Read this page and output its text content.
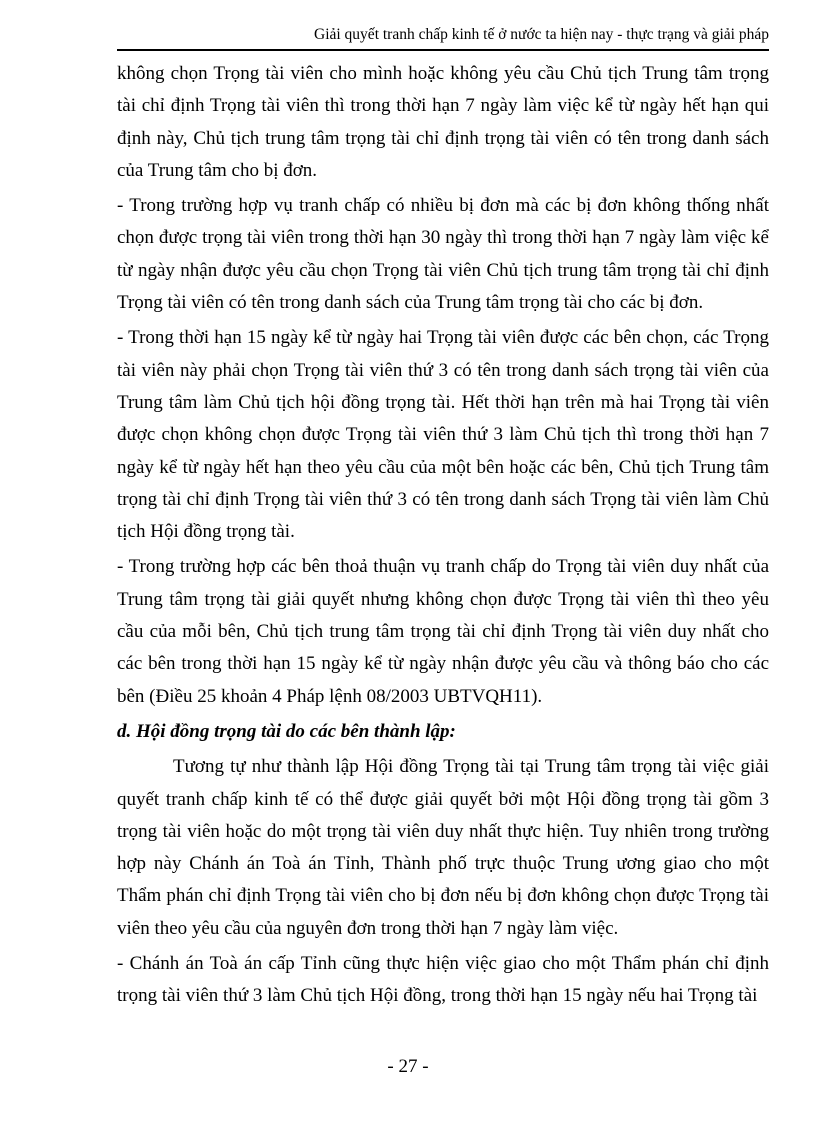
Giải quyết tranh chấp kinh tế ở nước ta hiện nay - thực trạng và giải pháp

không chọn Trọng tài viên cho mình hoặc không yêu cầu Chủ tịch Trung tâm trọng tài chỉ định Trọng tài viên thì trong thời hạn 7 ngày làm việc kể từ ngày hết hạn qui định này, Chủ tịch trung tâm trọng tài chỉ định trọng tài viên có tên trong danh sách của Trung tâm cho bị đơn.

- Trong trường hợp vụ tranh chấp có nhiều bị đơn mà các bị đơn không thống nhất chọn được trọng tài viên trong thời hạn 30 ngày thì trong thời hạn 7 ngày làm việc kể từ ngày nhận được yêu cầu chọn Trọng tài viên Chủ tịch trung tâm trọng tài chỉ định Trọng tài viên có tên trong danh sách của Trung tâm trọng tài cho các bị đơn.

- Trong thời hạn 15 ngày kể từ ngày hai Trọng tài viên được các bên chọn, các Trọng tài viên này phải chọn Trọng tài viên thứ 3 có tên trong danh sách trọng tài viên của Trung tâm làm Chủ tịch hội đồng trọng tài. Hết thời hạn trên mà hai Trọng tài viên được chọn không chọn được Trọng tài viên thứ 3 làm Chủ tịch thì trong thời hạn 7 ngày kể từ ngày hết hạn theo yêu cầu của một bên hoặc các bên, Chủ tịch Trung tâm trọng tài chỉ định Trọng tài viên thứ 3 có tên trong danh sách Trọng tài viên làm Chủ tịch Hội đồng trọng tài.

- Trong trường hợp các bên thoả thuận vụ tranh chấp do Trọng tài viên duy nhất của Trung tâm trọng tài giải quyết nhưng không chọn được Trọng tài viên thì theo yêu cầu của mỗi bên, Chủ tịch trung tâm trọng tài chỉ định Trọng tài viên duy nhất cho các bên trong thời hạn 15 ngày kể từ ngày nhận được yêu cầu và thông báo cho các bên (Điều 25 khoản 4 Pháp lệnh 08/2003 UBTVQH11).

d. Hội đồng trọng tài do các bên thành lập:

Tương tự như thành lập Hội đồng Trọng tài tại Trung tâm trọng tài việc giải quyết tranh chấp kinh tế có thể được giải quyết bởi một Hội đồng trọng tài gồm 3 trọng tài viên hoặc do một trọng tài viên duy nhất thực hiện. Tuy nhiên trong trường hợp này Chánh án Toà án Tỉnh, Thành phố trực thuộc Trung ương giao cho một Thẩm phán chỉ định Trọng tài viên cho bị đơn nếu bị đơn không chọn được Trọng tài viên theo yêu cầu của nguyên đơn trong thời hạn 7 ngày làm việc.

- Chánh án Toà án cấp Tỉnh cũng thực hiện việc giao cho một Thẩm phán chỉ định trọng tài viên thứ 3 làm Chủ tịch Hội đồng, trong thời hạn 15 ngày nếu hai Trọng tài

- 27 -
